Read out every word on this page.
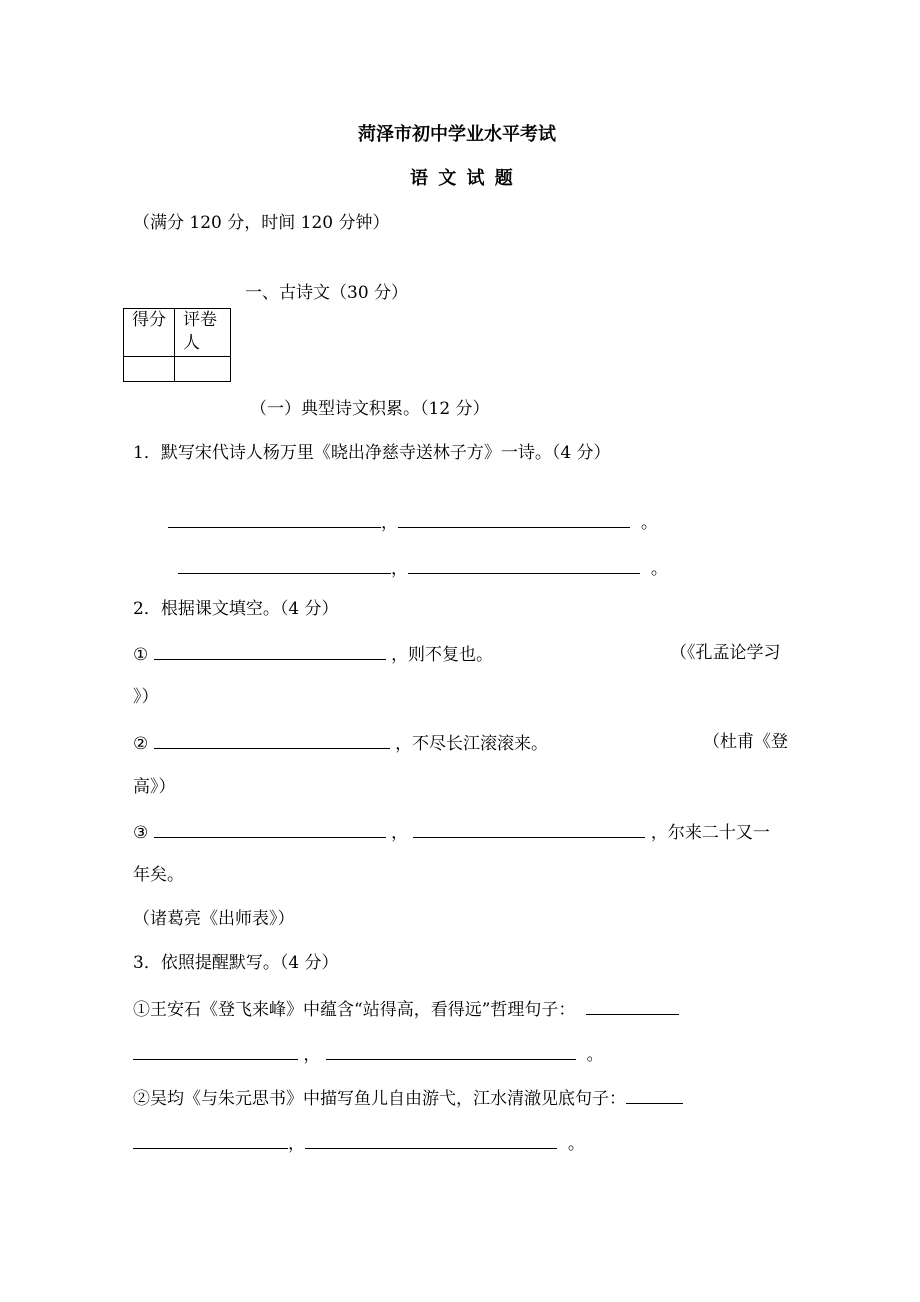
菏泽市初中学业水平考试
语 文 试 题
（满分 120 分，时间 120 分钟）
一、古诗文（30 分）
得分	评卷人

（一）典型诗文积累。（12 分）
1．默写宋代诗人杨万里《晓出净慈寺送林子方》一诗。（4 分）
，	。
，	。
2．根据课文填空。（4 分）
①	，则不复也。	（《孔孟论学习
》）
②	，不尽长江滚滚来。	（杜甫《登
高》）
③	，	，尔来二十又一
年矣。
（诸葛亮《出师表》）
3．依照提醒默写。（4 分）
①王安石《登飞来峰》中蕴含“站得高，看得远”哲理句子：
，	。
②吴均《与朱元思书》中描写鱼儿自由游弋，江水清澈见底句子：
，	。
